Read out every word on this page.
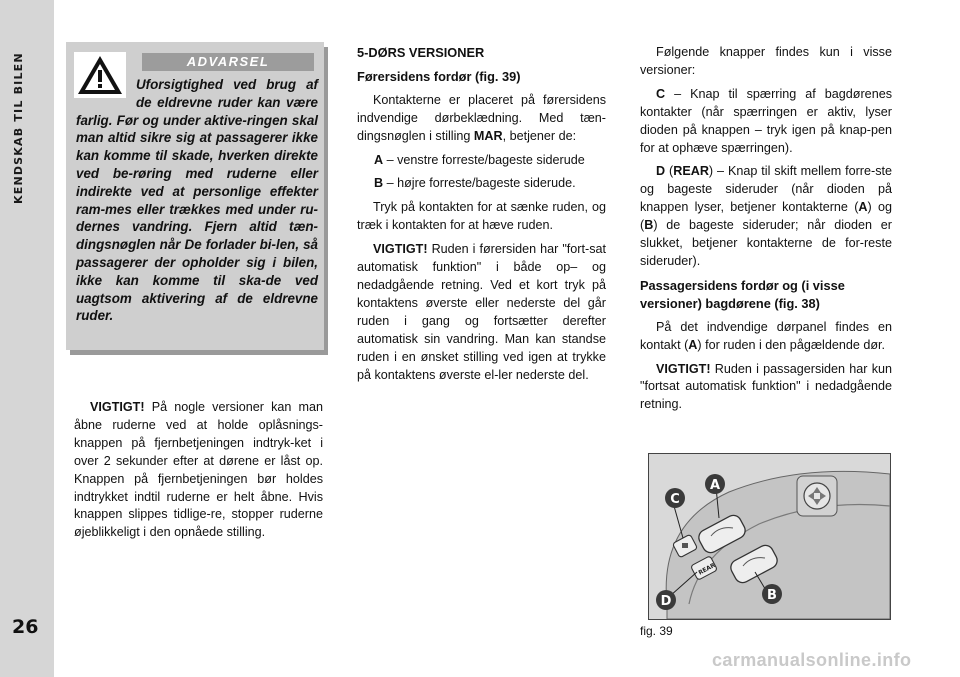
KENDSKAB TIL BILEN
26
ADVARSEL
Uforsigtighed ved brug af de eldrevne ruder kan være farlig. Før og under aktive-ringen skal man altid sikre sig at passagerer ikke kan komme til skade, hverken direkte ved be-røring med ruderne eller indirekte ved at personlige effekter ram-mes eller trækkes med under ru-dernes vandring. Fjern altid tæn-dingsnøglen når De forlader bi-len, så passagerer der opholder sig i bilen, ikke kan komme til ska-de ved uagtsom aktivering af de eldrevne ruder.

VIGTIGT! På nogle versioner kan man åbne ruderne ved at holde oplåsnings-knappen på fjernbetjeningen indtryk-ket i over 2 sekunder efter at dørene er låst op. Knappen på fjernbetjeningen bør holdes indtrykket indtil ruderne er helt åbne. Hvis knappen slippes tidlige-re, stopper ruderne øjeblikkeligt i den opnåede stilling.

5-DØRS VERSIONER
Førersidens fordør (fig. 39)

Kontakterne er placeret på førersidens indvendige dørbeklædning. Med tæn-dingsnøglen i stilling MAR, betjener de:

A – venstre forreste/bageste siderude

B – højre forreste/bageste siderude.

Tryk på kontakten for at sænke ruden, og træk i kontakten for at hæve ruden.

VIGTIGT! Ruden i førersiden har "fort-sat automatisk funktion" i både op– og nedadgående retning. Ved et kort tryk på kontaktens øverste eller nederste del går ruden i gang og fortsætter derefter automatisk sin vandring. Man kan standse ruden i en ønsket stilling ved igen at trykke på kontaktens øverste el-ler nederste del.

Følgende knapper findes kun i visse versioner:

C – Knap til spærring af bagdørenes kontakter (når spærringen er aktiv, lyser dioden på knappen – tryk igen på knap-pen for at ophæve spærringen).

D (REAR) – Knap til skift mellem forre-ste og bageste sideruder (når dioden på knappen lyser, betjener kontakterne (A) og (B) de bageste sideruder; når dioden er slukket, betjener kontakterne de for-reste sideruder).

Passagersidens fordør og (i visse versioner) bagdørene (fig. 38)

På det indvendige dørpanel findes en kontakt (A) for ruden i den pågældende dør.

VIGTIGT! Ruden i passagersiden har kun "fortsat automatisk funktion" i nedadgående retning.

REAR
A
B
C
D
fig. 39
carmanualsonline.info
